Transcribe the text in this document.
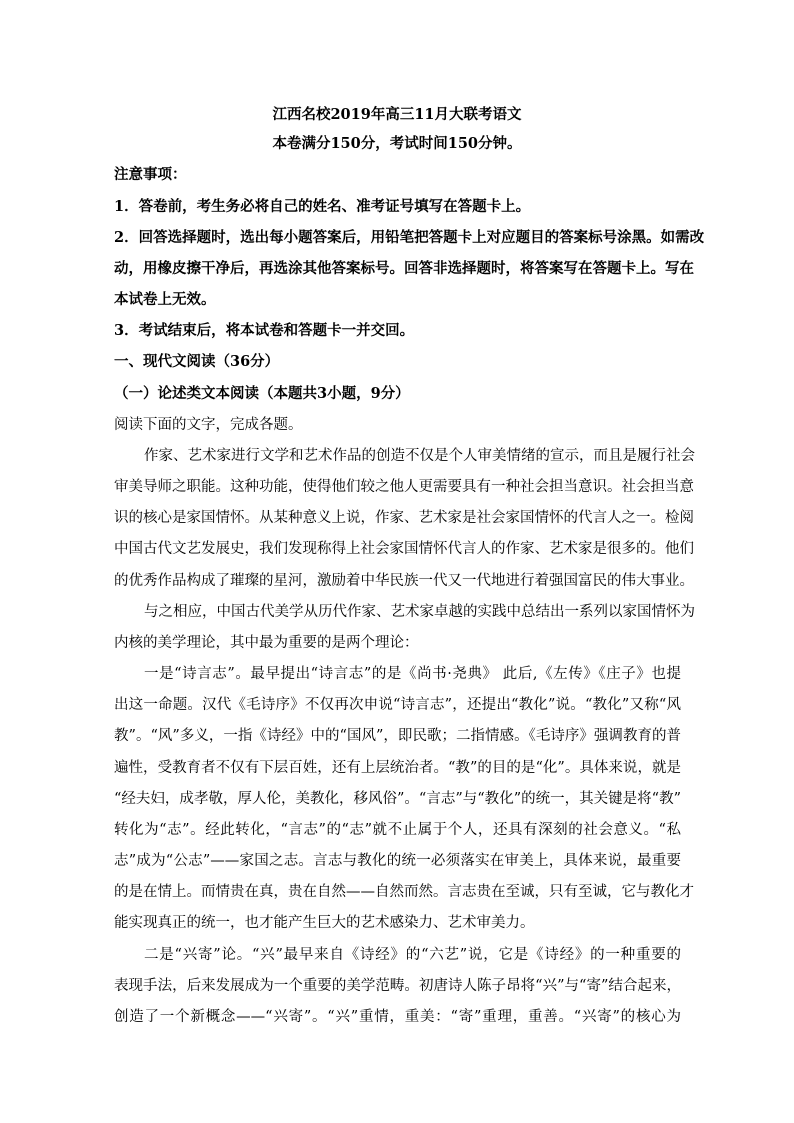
江西名校2019年高三11月大联考语文
本卷满分150分，考试时间150分钟。
注意事项：
1．答卷前，考生务必将自己的姓名、准考证号填写在答题卡上。
2．回答选择题时，选出每小题答案后，用铅笔把答题卡上对应题目的答案标号涂黑。如需改
动，用橡皮擦干净后，再选涂其他答案标号。回答非选择题时，将答案写在答题卡上。写在
本试卷上无效。
3．考试结束后，将本试卷和答题卡一并交回。
一、现代文阅读（36分）
（一）论述类文本阅读（本题共3小题，9分）
阅读下面的文字，完成各题。
作家、艺术家进行文学和艺术作品的创造不仅是个人审美情绪的宣示，而且是履行社会
审美导师之职能。这种功能，使得他们较之他人更需要具有一种社会担当意识。社会担当意
识的核心是家国情怀。从某种意义上说，作家、艺术家是社会家国情怀的代言人之一。检阅
中国古代文艺发展史，我们发现称得上社会家国情怀代言人的作家、艺术家是很多的。他们
的优秀作品构成了璀璨的星河，激励着中华民族一代又一代地进行着强国富民的伟大事业。
与之相应，中国古代美学从历代作家、艺术家卓越的实践中总结出一系列以家国情怀为
内核的美学理论，其中最为重要的是两个理论：
一是“诗言志”。最早提出“诗言志”的是《尚书·尧典》 此后,《左传》《庄子》也提
出这一命题。汉代《毛诗序》不仅再次申说“诗言志”，还提出“教化”说。“教化”又称“风
教”。“风”多义，一指《诗经》中的“国风”，即民歌；二指情感。《毛诗序》强调教育的普
遍性，受教育者不仅有下层百姓，还有上层统治者。“教”的目的是“化”。具体来说，就是
“经夫妇，成孝敬，厚人伦，美教化，移风俗”。“言志”与“教化”的统一，其关键是将“教”
转化为“志”。经此转化，“言志”的“志”就不止属于个人，还具有深刻的社会意义。“私
志”成为“公志”——家国之志。言志与教化的统一必须落实在审美上，具体来说，最重要
的是在情上。而情贵在真，贵在自然——自然而然。言志贵在至诚，只有至诚，它与教化才
能实现真正的统一，也才能产生巨大的艺术感染力、艺术审美力。
二是“兴寄”论。“兴”最早来自《诗经》的“六艺”说，它是《诗经》的一种重要的
表现手法，后来发展成为一个重要的美学范畴。初唐诗人陈子昂将“兴”与“寄”结合起来，
创造了一个新概念——“兴寄”。“兴”重情，重美：“寄”重理，重善。“兴寄”的核心为
